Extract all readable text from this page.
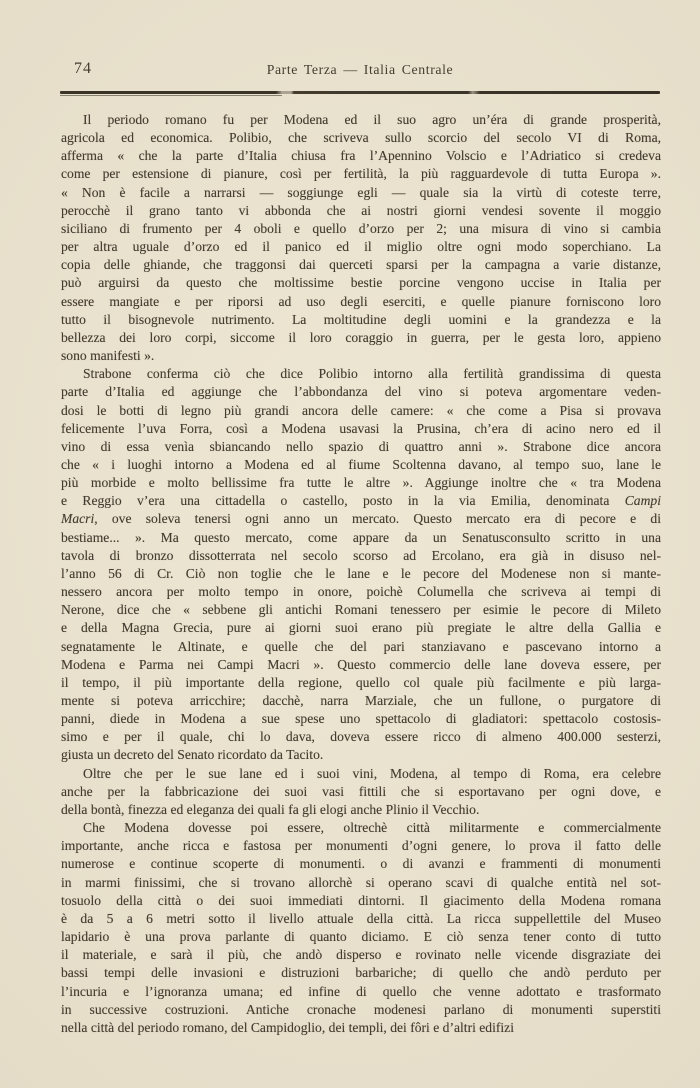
74	Parte Terza — Italia Centrale
Il periodo romano fu per Modena ed il suo agro un’éra di grande prosperità,
agricola ed economica. Polibio, che scriveva sullo scorcio del secolo VI di Roma,
afferma « che la parte d’Italia chiusa fra l’Apennino Volscio e l’Adriatico si credeva
come per estensione di pianure, così per fertilità, la più ragguardevole di tutta Europa ».
« Non è facile a narrarsi — soggiunge egli — quale sia la virtù di coteste terre,
perocchè il grano tanto vi abbonda che ai nostri giorni vendesi sovente il moggio
siciliano di frumento per 4 oboli e quello d’orzo per 2; una misura di vino si cambia
per altra uguale d’orzo ed il panico ed il miglio oltre ogni modo soperchiano. La
copia delle ghiande, che traggonsi dai querceti sparsi per la campagna a varie distanze,
può arguirsi da questo che moltissime bestie porcine vengono uccise in Italia per
essere mangiate e per riporsi ad uso degli eserciti, e quelle pianure forniscono loro
tutto il bisognevole nutrimento. La moltitudine degli uomini e la grandezza e la
bellezza dei loro corpi, siccome il loro coraggio in guerra, per le gesta loro, appieno
sono manifesti ».
Strabone conferma ciò che dice Polibio intorno alla fertilità grandissima di questa
parte d’Italia ed aggiunge che l’abbondanza del vino si poteva argomentare veden-
dosi le botti di legno più grandi ancora delle camere: « che come a Pisa si provava
felicemente l’uva Forra, così a Modena usavasi la Prusina, ch’era di acino nero ed il
vino di essa venìa sbiancando nello spazio di quattro anni ». Strabone dice ancora
che « i luoghi intorno a Modena ed al fiume Scoltenna davano, al tempo suo, lane le
più morbide e molto bellissime fra tutte le altre ». Aggiunge inoltre che « tra Modena
e Reggio v’era una cittadella o castello, posto in la via Emilia, denominata Campi
Macri, ove soleva tenersi ogni anno un mercato. Questo mercato era di pecore e di
bestiame... ». Ma questo mercato, come appare da un Senatusconsulto scritto in una
tavola di bronzo dissotterrata nel secolo scorso ad Ercolano, era già in disuso nel-
l’anno 56 di Cr. Ciò non toglie che le lane e le pecore del Modenese non si mante-
nessero ancora per molto tempo in onore, poichè Columella che scriveva ai tempi di
Nerone, dice che « sebbene gli antichi Romani tenessero per esimie le pecore di Mileto
e della Magna Grecia, pure ai giorni suoi erano più pregiate le altre della Gallia e
segnatamente le Altinate, e quelle che del pari stanziavano e pascevano intorno a
Modena e Parma nei Campi Macri ». Questo commercio delle lane doveva essere, per
il tempo, il più importante della regione, quello col quale più facilmente e più larga-
mente si poteva arricchire; dacchè, narra Marziale, che un fullone, o purgatore di
panni, diede in Modena a sue spese uno spettacolo di gladiatori: spettacolo costosis-
simo e per il quale, chi lo dava, doveva essere ricco di almeno 400.000 sesterzi,
giusta un decreto del Senato ricordato da Tacito.
Oltre che per le sue lane ed i suoi vini, Modena, al tempo di Roma, era celebre
anche per la fabbricazione dei suoi vasi fittili che si esportavano per ogni dove, e
della bontà, finezza ed eleganza dei quali fa gli elogi anche Plinio il Vecchio.
Che Modena dovesse poi essere, oltrechè città militarmente e commercialmente
importante, anche ricca e fastosa per monumenti d’ogni genere, lo prova il fatto delle
numerose e continue scoperte di monumenti. o di avanzi e frammenti di monumenti
in marmi finissimi, che si trovano allorchè si operano scavi di qualche entità nel sot-
tosuolo della città o dei suoi immediati dintorni. Il giacimento della Modena romana
è da 5 a 6 metri sotto il livello attuale della città. La ricca suppellettile del Museo
lapidario è una prova parlante di quanto diciamo. E ciò senza tener conto di tutto
il materiale, e sarà il più, che andò disperso e rovinato nelle vicende disgraziate dei
bassi tempi delle invasioni e distruzioni barbariche; di quello che andò perduto per
l’incuria e l’ignoranza umana; ed infine di quello che venne adottato e trasformato
in successive costruzioni. Antiche cronache modenesi parlano di monumenti superstiti
nella città del periodo romano, del Campidoglio, dei templi, dei fôri e d’altri edifizi
